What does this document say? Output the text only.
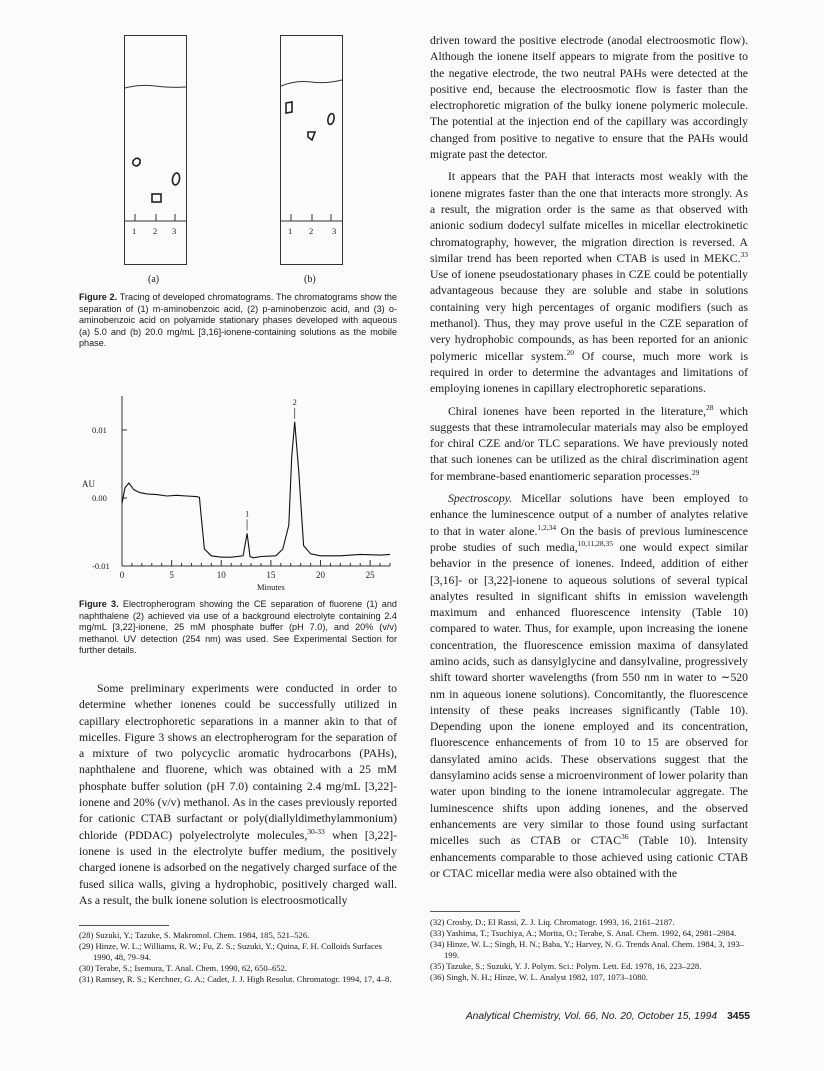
1 2 3
(a)
1 2 3
(b)
Figure 2. Tracing of developed chromatograms. The chromatograms show the separation of (1) m-aminobenzoic acid, (2) p-aminobenzoic acid, and (3) o-aminobenzoic acid on polyamide stationary phases developed with aqueous (a) 5.0 and (b) 20.0 mg/mL [3,16]-ionene-containing solutions as the mobile phase.
0	5	10	15	20	25
0.01
0.00
-0.01
AU
Minutes
1
2
Figure 3. Electropherogram showing the CE separation of fluorene (1) and naphthalene (2) achieved via use of a background electrolyte containing 2.4 mg/mL [3,22]-ionene, 25 mM phosphate buffer (pH 7.0), and 20% (v/v) methanol. UV detection (254 nm) was used. See Experimental Section for further details.

Some preliminary experiments were conducted in order to determine whether ionenes could be successfully utilized in capillary electrophoretic separations in a manner akin to that of micelles. Figure 3 shows an electropherogram for the separation of a mixture of two polycyclic aromatic hydrocarbons (PAHs), naphthalene and fluorene, which was obtained with a 25 mM phosphate buffer solution (pH 7.0) containing 2.4 mg/mL [3,22]-ionene and 20% (v/v) methanol. As in the cases previously reported for cationic CTAB surfactant or poly(diallyldimethylammonium) chloride (PDDAC) polyelectrolyte molecules,$^{30-33}$ when [3,22]-ionene is used in the electrolyte buffer medium, the positively charged ionene is adsorbed on the negatively charged surface of the fused silica walls, giving a hydrophobic, positively charged wall. As a result, the bulk ionene solution is electroosmotically

driven toward the positive electrode (anodal electroosmotic flow). Although the ionene itself appears to migrate from the positive to the negative electrode, the two neutral PAHs were detected at the positive end, because the electroosmotic flow is faster than the electrophoretic migration of the bulky ionene polymeric molecule. The potential at the injection end of the capillary was accordingly changed from positive to negative to ensure that the PAHs would migrate past the detector.

It appears that the PAH that interacts most weakly with the ionene migrates faster than the one that interacts more strongly. As a result, the migration order is the same as that observed with anionic sodium dodecyl sulfate micelles in micellar electrokinetic chromatography, however, the migration direction is reversed. A similar trend has been reported when CTAB is used in MEKC.$^{33}$ Use of ionene pseudostationary phases in CZE could be potentially advantageous because they are soluble and stabe in solutions containing very high percentages of organic modifiers (such as methanol). Thus, they may prove useful in the CZE separation of very hydrophobic compounds, as has been reported for an anionic polymeric micellar system.$^{20}$ Of course, much more work is required in order to determine the advantages and limitations of employing ionenes in capillary electrophoretic separations.

Chiral ionenes have been reported in the literature,$^{28}$ which suggests that these intramolecular materials may also be employed for chiral CZE and/or TLC separations. We have previously noted that such ionenes can be utilized as the chiral discrimination agent for membrane-based enantiomeric separation processes.$^{29}$

Spectroscopy. Micellar solutions have been employed to enhance the luminescence output of a number of analytes relative to that in water alone.$^{1,2,34}$ On the basis of previous luminescence probe studies of such media,$^{10,11,28,35}$ one would expect similar behavior in the presence of ionenes. Indeed, addition of either [3,16]- or [3,22]-ionene to aqueous solutions of several typical analytes resulted in significant shifts in emission wavelength maximum and enhanced fluorescence intensity (Table 10) compared to water. Thus, for example, upon increasing the ionene concentration, the fluorescence emission maxima of dansylated amino acids, such as dansylglycine and dansylvaline, progressively shift toward shorter wavelengths (from 550 nm in water to ∼520 nm in aqueous ionene solutions). Concomitantly, the fluorescence intensity of these peaks increases significantly (Table 10). Depending upon the ionene employed and its concentration, fluorescence enhancements of from 10 to 15 are observed for dansylated amino acids. These observations suggest that the dansylamino acids sense a microenvironment of lower polarity than water upon binding to the ionene intramolecular aggregate. The luminescence shifts upon adding ionenes, and the observed enhancements are very similar to those found using surfactant micelles such as CTAB or CTAC$^{36}$ (Table 10). Intensity enhancements comparable to those achieved using cationic CTAB or CTAC micellar media were also obtained with the

(28) Suzuki, Y.; Tazuke, S. Makromol. Chem. 1984, 185, 521–526.
(29) Hinze, W. L.; Williams, R. W.; Fu, Z. S.; Suzuki, Y.; Quina, F. H. Colloids Surfaces 1990, 48, 79–94.
(30) Terabe, S.; Isemura, T. Anal. Chem. 1990, 62, 650–652.
(31) Ramsey, R. S.; Kerchner, G. A.; Cadet, J. J. High Resolut. Chromatogr. 1994, 17, 4–8.
(32) Crosby, D.; El Rassi, Z. J. Liq. Chromatogr. 1993, 16, 2161–2187.
(33) Yashima, T.; Tsuchiya, A.; Morita, O.; Terabe, S. Anal. Chem. 1992, 64, 2981–2984.
(34) Hinze, W. L.; Singh, H. N.; Baba, Y.; Harvey, N. G. Trends Anal. Chem. 1984, 3, 193–199.
(35) Tazuke, S.; Suzuki, Y. J. Polym. Sci.: Polym. Lett. Ed. 1978, 16, 223–228.
(36) Singh, N. H.; Hinze, W. L. Analyst 1982, 107, 1073–1080.
Analytical Chemistry, Vol. 66, No. 20, October 15, 1994 3455
